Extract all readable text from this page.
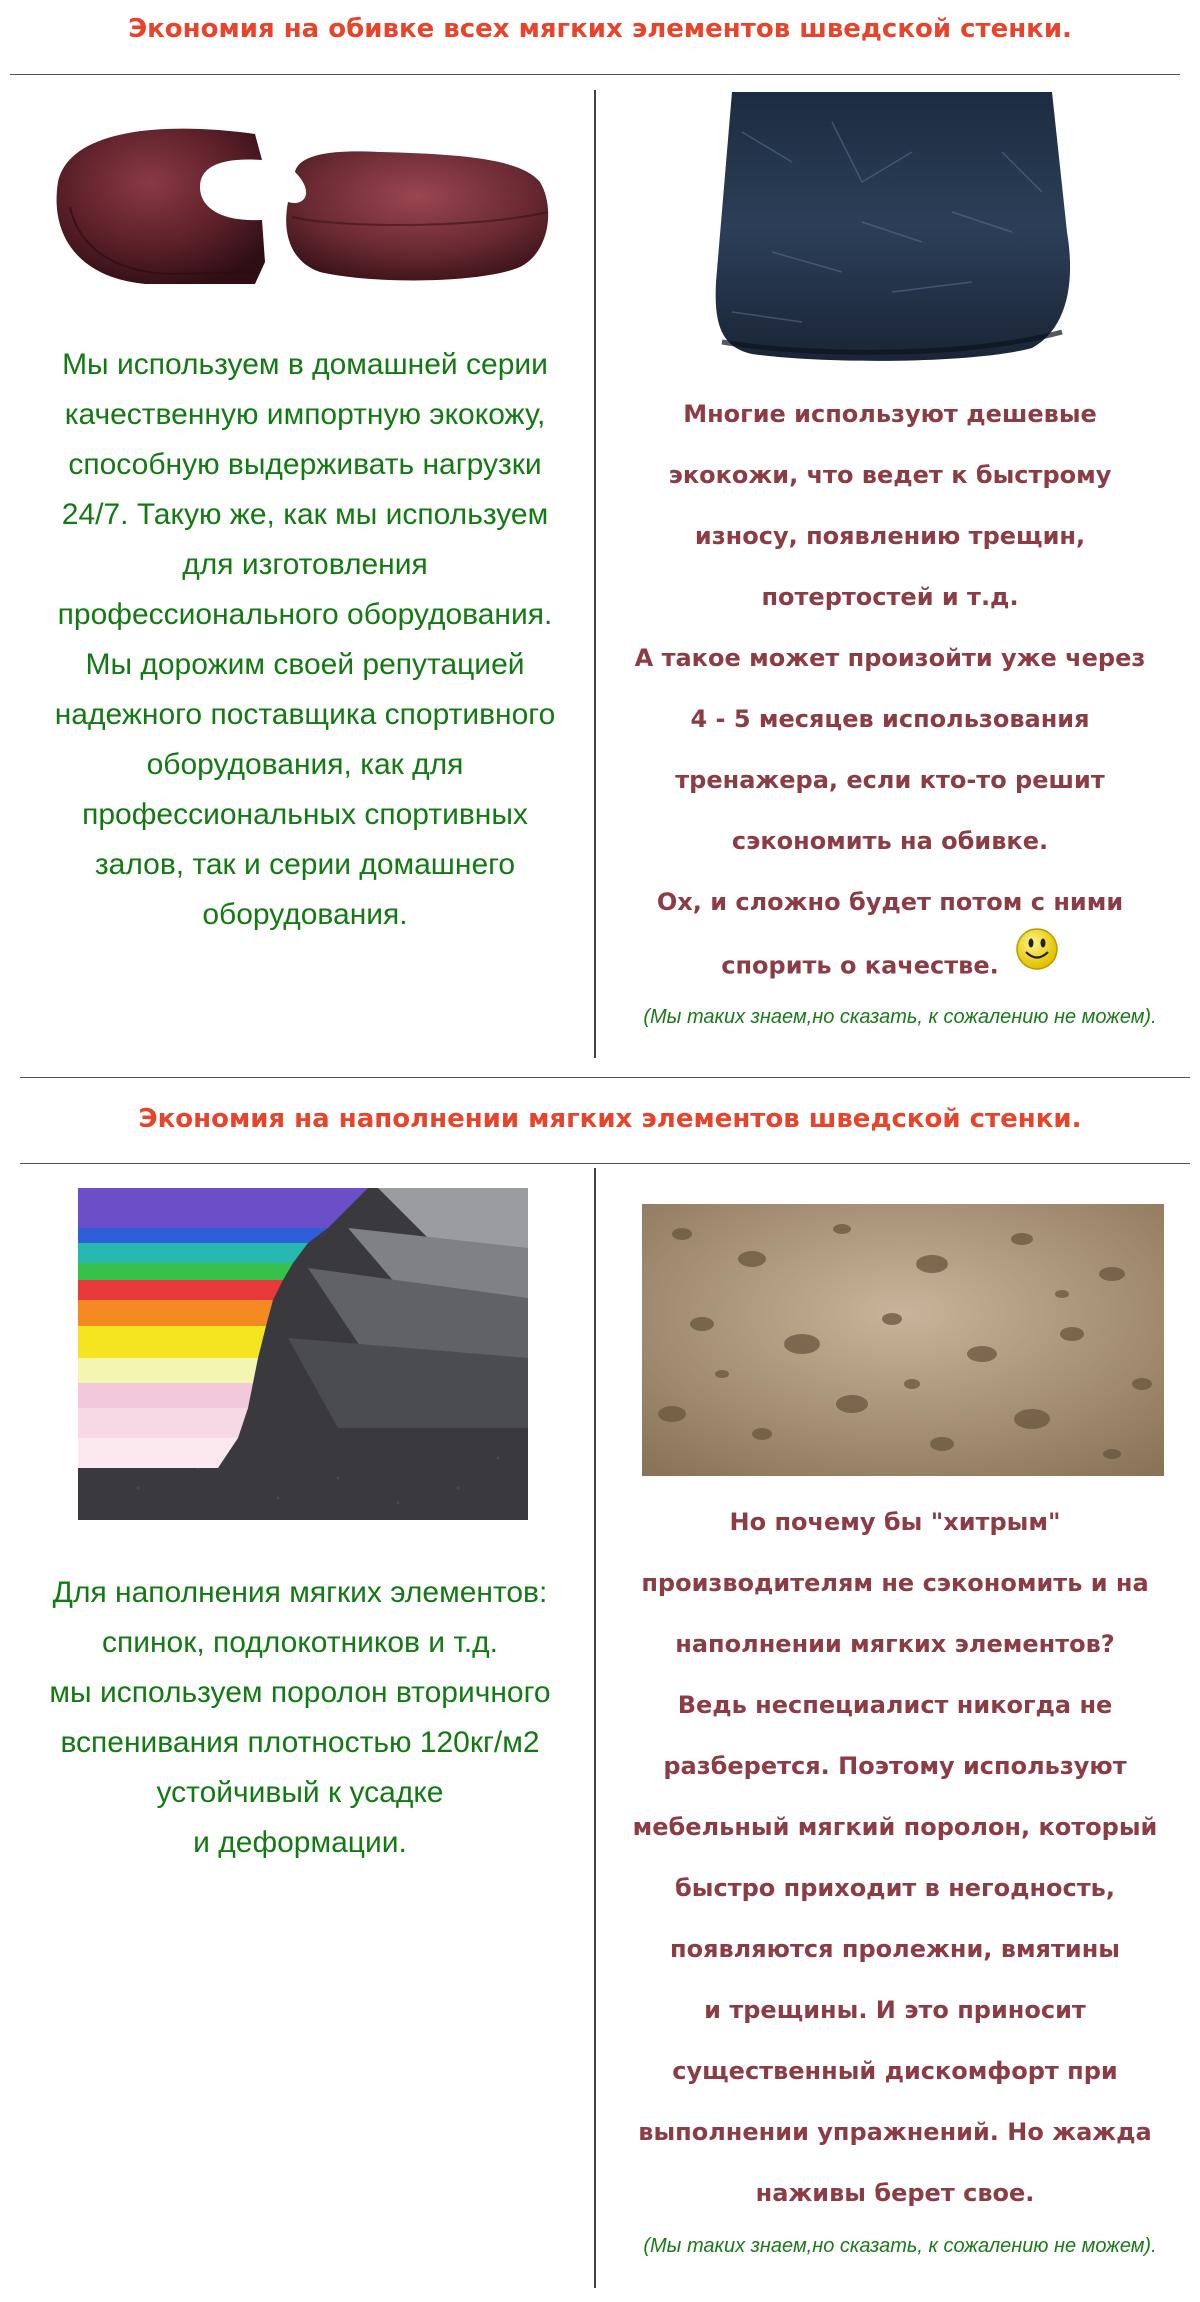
Экономия на обивке всех мягких элементов шведской стенки.

Мы используем в домашней серии

качественную импортную экокожу,

способную выдерживать нагрузки

24/7. Такую же, как мы используем

для изготовления

профессионального оборудования.

Мы дорожим своей репутацией

надежного поставщика спортивного

оборудования, как для

профессиональных спортивных

залов, так и серии домашнего

оборудования.

Многие используют дешевые

экокожи, что ведет к быстрому

износу, появлению трещин,

потертостей и т.д.

А такое может произойти уже через

4 - 5 месяцев использования

тренажера, если кто-то решит

сэкономить на обивке.

Ох, и сложно будет потом с ними

спорить о качестве.

(Мы таких знаем,но сказать, к сожалению не можем).
Экономия на наполнении мягких элементов шведской стенки.

Для наполнения мягких элементов:

спинок, подлокотников и т.д.

мы используем поролон вторичного

вспенивания плотностью 120кг/м2

устойчивый к усадке

и деформации.

Но почему бы "хитрым"

производителям не сэкономить и на

наполнении мягких элементов?

Ведь неспециалист никогда не

разберется. Поэтому используют

мебельный мягкий поролон, который

быстро приходит в негодность,

появляются пролежни, вмятины

и трещины. И это приносит

существенный дискомфорт при

выполнении упражнений. Но жажда

наживы берет свое.

(Мы таких знаем,но сказать, к сожалению не можем).
